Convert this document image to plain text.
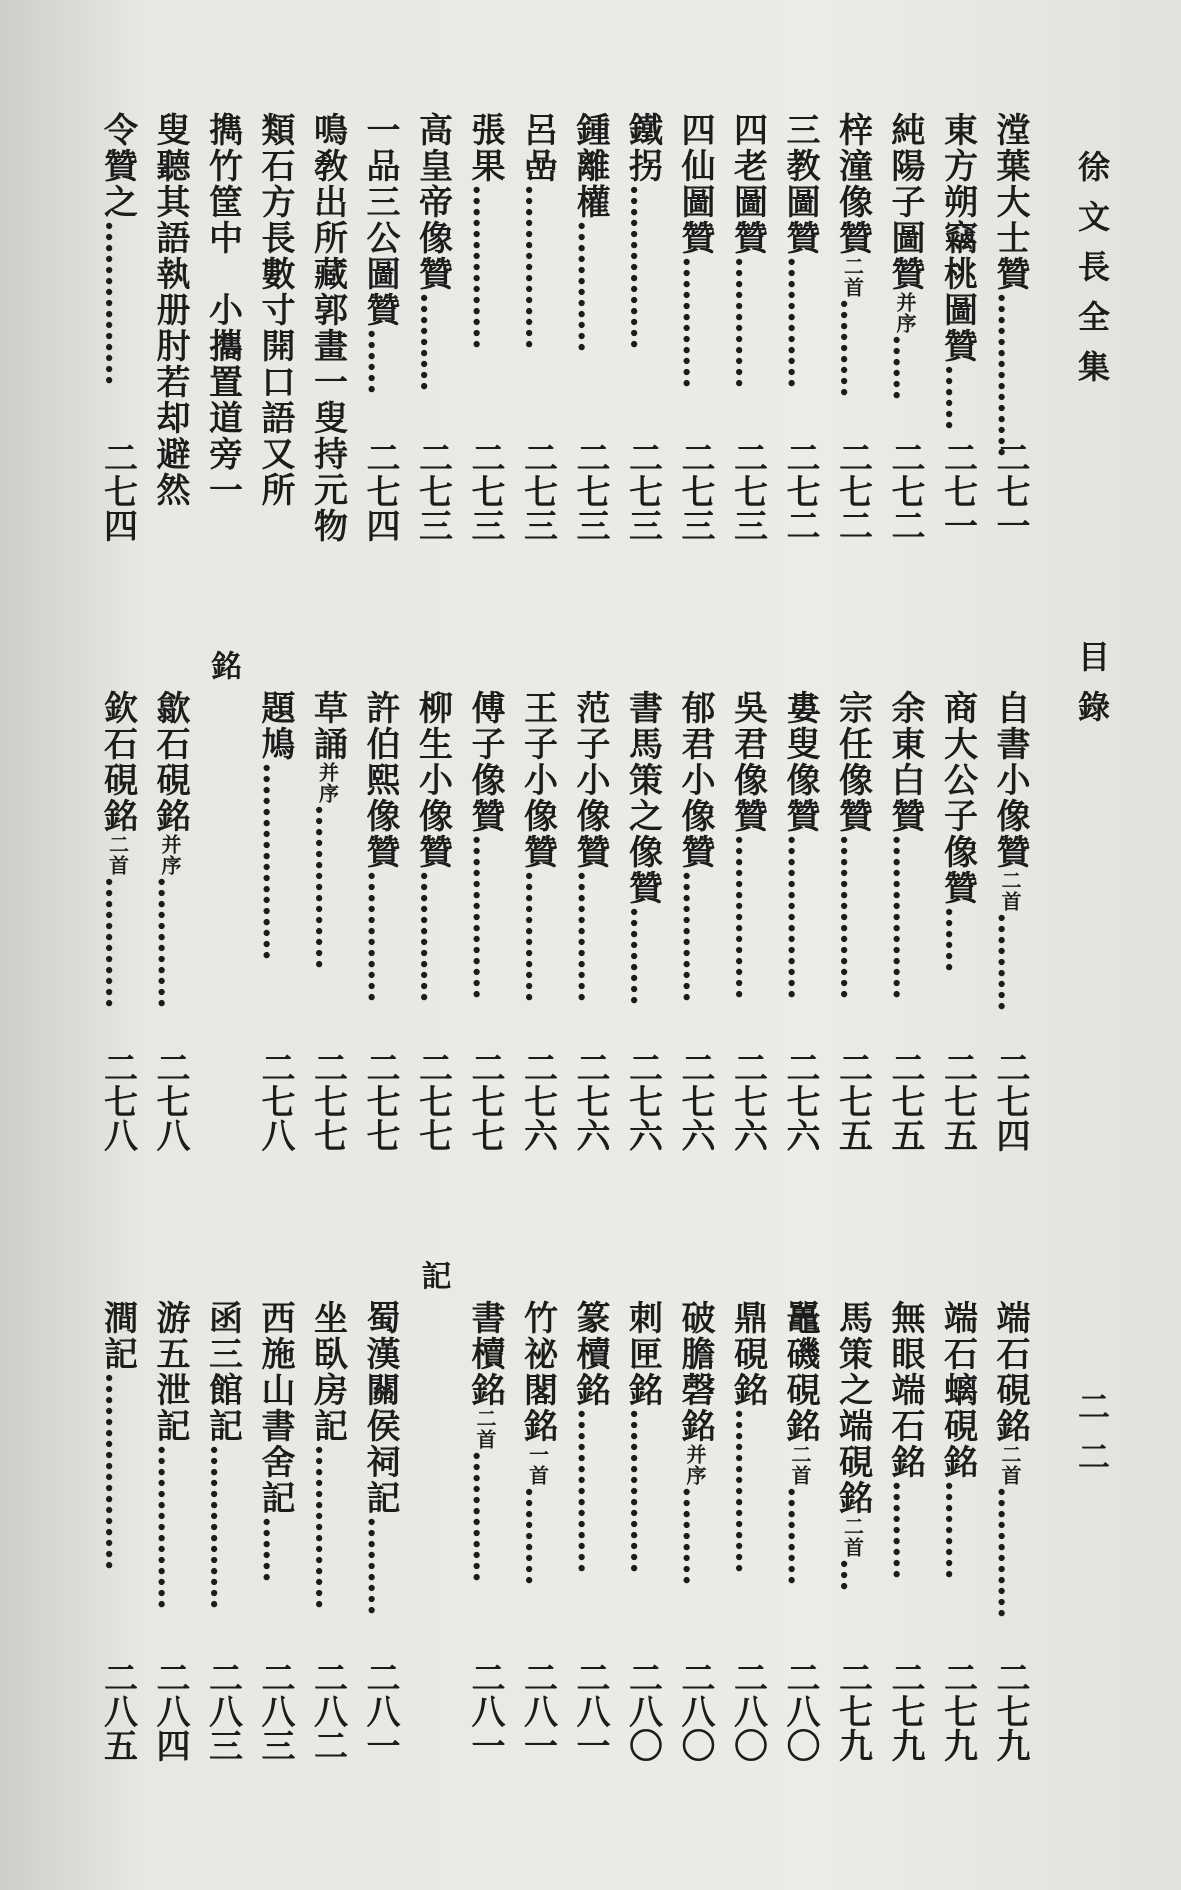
徐文長全集
目錄
二二
漟葉大士贊……………
二七一
東方朔竊桃圖贊……
二七一
純陽子圖贊并序……
二七二
梓潼像贊二首………
二七二
三教圖贊…………
二七二
四老圖贊…………
二七三
四仙圖贊…………
二七三
鐵拐……………
二七三
鍾離權…………
二七三
呂嵒……………
二七三
張果……………
二七三
高皇帝像贊………
二七三
一品三公圖贊……
二七四
鳴敎出所藏郭畫一叟持元物
類石方長數寸開口語又所
擕竹筐中　小攜置道旁一
叟聽其語執册肘若却避然
令贊之……………
二七四
自書小像贊二首………
二七四
商大公子像贊……
二七五
余東白贊……………
二七五
宗任像贊……………
二七五
婁叟像贊……………
二七六
吳君像贊……………
二七六
郁君小像贊…………
二七六
書馬策之像贊………
二七六
范子小像贊…………
二七六
王子小像贊…………
二七六
傅子像贊……………
二七七
柳生小像贊…………
二七七
許伯熙像贊…………
二七七
草誦并序……………
二七七
題鳩………………
二七八
銘
歙石硯銘并序…………
二七八
欽石硯銘二首…………
二七八
端石硯銘二首…………
二七九
端石螭硯銘………
二七九
無眼端石銘………
二七九
馬策之端硯銘二首…
二七九
鼉磯硯銘二首………
二八〇
鼎硯銘……………
二八〇
破膽磬銘并序………
二八〇
刺匣銘……………
二八〇
篆櫝銘……………
二八一
竹祕閣銘一首………
二八一
書櫝銘二首…………
二八一
記
蜀漢關侯祠記………
二八一
坐臥房記……………
二八二
西施山書舍記……
二八三
函三館記……………
二八三
游五泄記……………
二八四
澗記………………
二八五
